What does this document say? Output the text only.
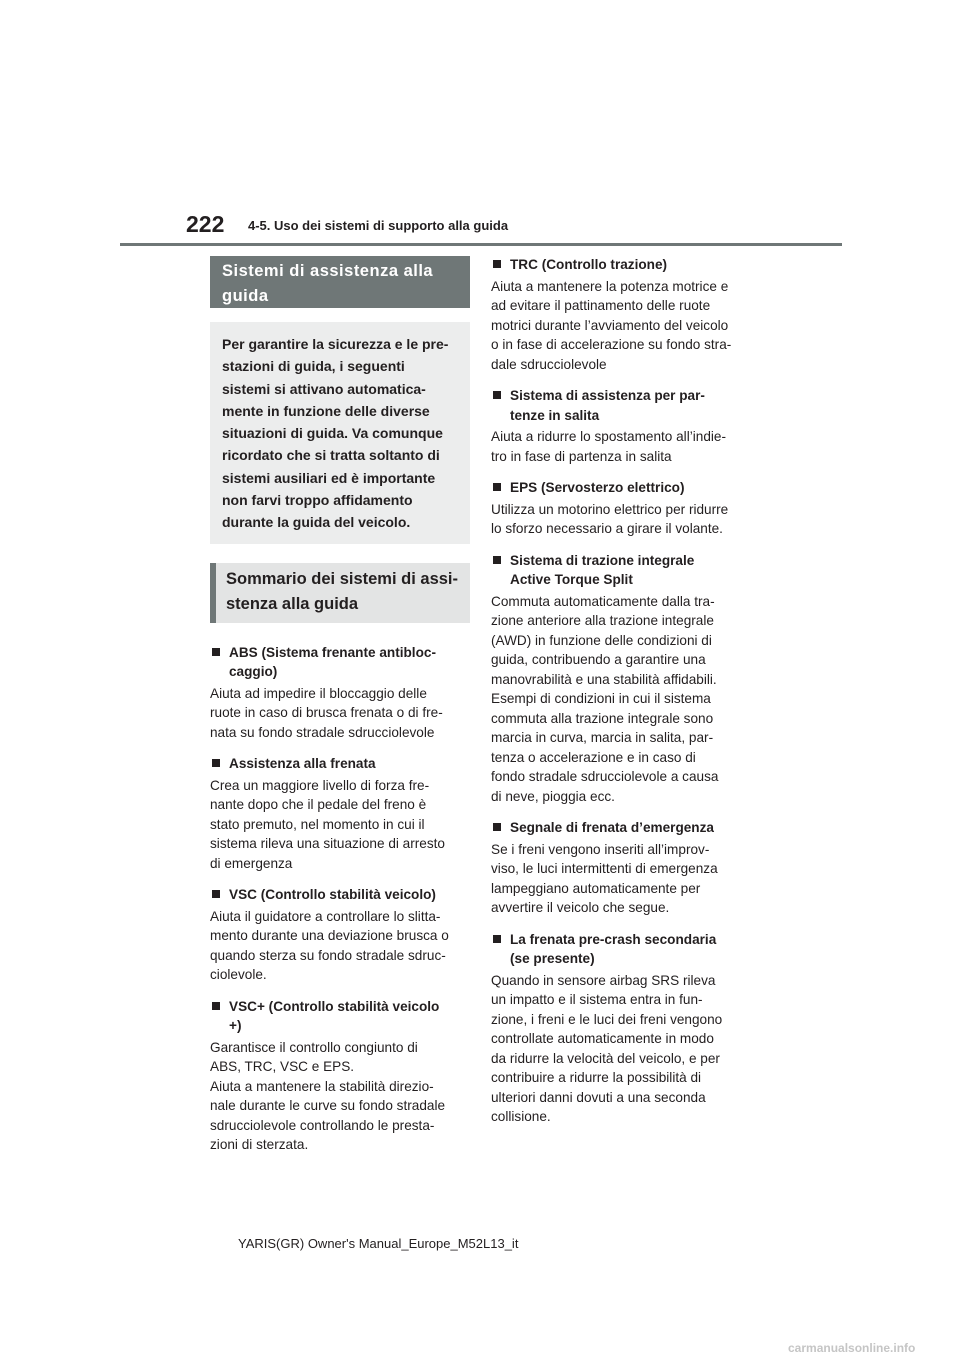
222 4-5. Uso dei sistemi di supporto alla guida
Sistemi di assistenza alla
guida
Per garantire la sicurezza e le pre-
stazioni di guida, i seguenti
sistemi si attivano automatica-
mente in funzione delle diverse
situazioni di guida. Va comunque
ricordato che si tratta soltanto di
sistemi ausiliari ed è importante
non farvi troppo affidamento
durante la guida del veicolo.
Sommario dei sistemi di assi-
stenza alla guida
ABS (Sistema frenante antibloc-
caggio)
Aiuta ad impedire il bloccaggio delle
ruote in caso di brusca frenata o di fre-
nata su fondo stradale sdrucciolevole
Assistenza alla frenata
Crea un maggiore livello di forza fre-
nante dopo che il pedale del freno è
stato premuto, nel momento in cui il
sistema rileva una situazione di arresto
di emergenza
VSC (Controllo stabilità veicolo)
Aiuta il guidatore a controllare lo slitta-
mento durante una deviazione brusca o
quando sterza su fondo stradale sdruc-
ciolevole.
VSC+ (Controllo stabilità veicolo
+)
Garantisce il controllo congiunto di
ABS, TRC, VSC e EPS.
Aiuta a mantenere la stabilità direzio-
nale durante le curve su fondo stradale
sdrucciolevole controllando le presta-
zioni di sterzata.
TRC (Controllo trazione)
Aiuta a mantenere la potenza motrice e
ad evitare il pattinamento delle ruote
motrici durante l’avviamento del veicolo
o in fase di accelerazione su fondo stra-
dale sdrucciolevole
Sistema di assistenza per par-
tenze in salita
Aiuta a ridurre lo spostamento all’indie-
tro in fase di partenza in salita
EPS (Servosterzo elettrico)
Utilizza un motorino elettrico per ridurre
lo sforzo necessario a girare il volante.
Sistema di trazione integrale
Active Torque Split
Commuta automaticamente dalla tra-
zione anteriore alla trazione integrale
(AWD) in funzione delle condizioni di
guida, contribuendo a garantire una
manovrabilità e una stabilità affidabili.
Esempi di condizioni in cui il sistema
commuta alla trazione integrale sono
marcia in curva, marcia in salita, par-
tenza o accelerazione e in caso di
fondo stradale sdrucciolevole a causa
di neve, pioggia ecc.
Segnale di frenata d’emergenza
Se i freni vengono inseriti all’improv-
viso, le luci intermittenti di emergenza
lampeggiano automaticamente per
avvertire il veicolo che segue.
La frenata pre-crash secondaria
(se presente)
Quando in sensore airbag SRS rileva
un impatto e il sistema entra in fun-
zione, i freni e le luci dei freni vengono
controllate automaticamente in modo
da ridurre la velocità del veicolo, e per
contribuire a ridurre la possibilità di
ulteriori danni dovuti a una seconda
collisione.
YARIS(GR) Owner's Manual_Europe_M52L13_it
carmanualsonline.info
